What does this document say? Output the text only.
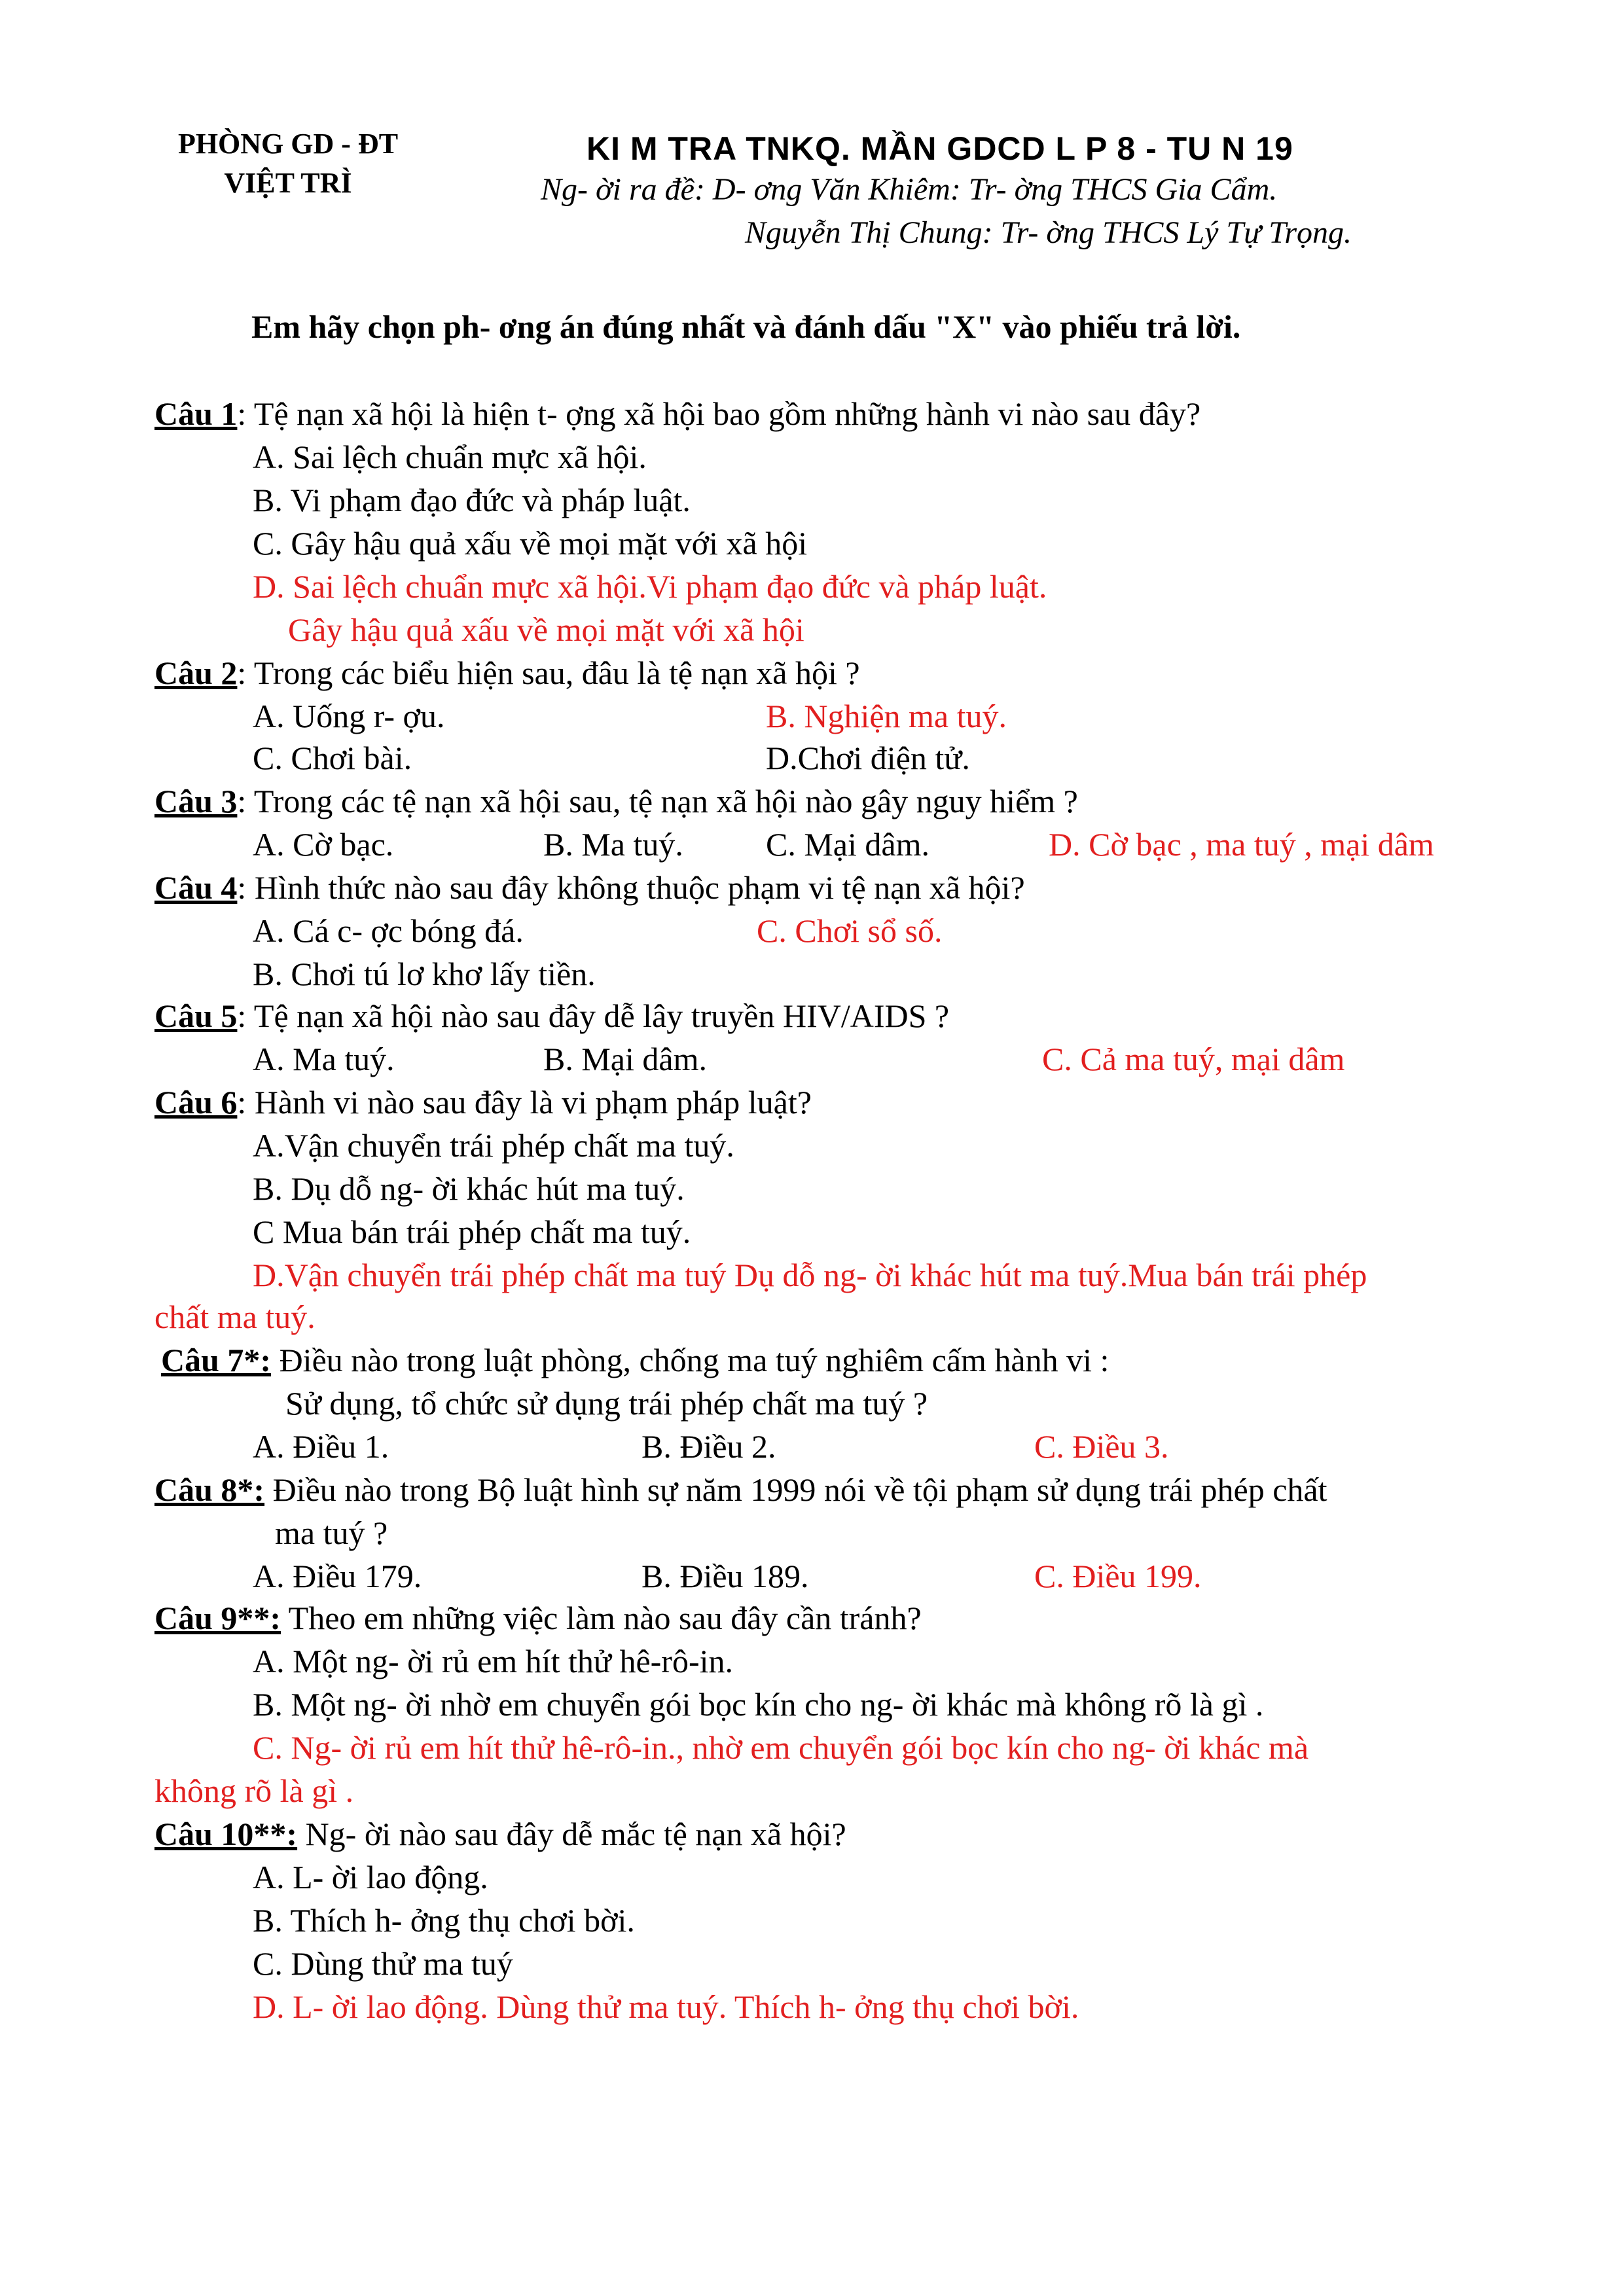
PHÒNG GD - ĐT
VIỆT TRÌ
KI M TRA TNKQ. MẦN GDCD L P 8 - TU N 19
Ng- ời ra đề: D- ơng Văn Khiêm: Tr- ờng THCS Gia Cẩm.
Nguyễn Thị Chung: Tr- ờng THCS Lý Tự Trọng.
Em hãy chọn ph- ơng án đúng nhất và đánh dấu "X" vào phiếu trả lời.
Câu 1: Tệ nạn xã hội là hiện t- ợng xã hội bao gồm những hành vi nào sau đây?
A. Sai lệch chuẩn mực xã hội.
B. Vi phạm đạo đức và pháp luật.
C. Gây hậu quả xấu về mọi mặt với xã hội
D. Sai lệch chuẩn mực xã hội.Vi phạm đạo đức và pháp luật.
Gây hậu quả xấu về mọi mặt với xã hội
Câu 2: Trong các biểu hiện sau, đâu là tệ nạn xã hội ?
A. Uống r- ợu.	B. Nghiện ma tuý.
C. Chơi bài.	D.Chơi điện tử.
Câu 3: Trong các tệ nạn xã hội sau, tệ nạn xã hội nào gây nguy hiểm ?
A. Cờ bạc.	B. Ma tuý.	C. Mại dâm.	D. Cờ bạc , ma tuý , mại dâm
Câu 4: Hình thức nào sau đây không thuộc phạm vi tệ nạn xã hội?
A. Cá c- ợc bóng đá.	C. Chơi sổ số.
B. Chơi tú lơ khơ lấy tiền.
Câu 5: Tệ nạn xã hội nào sau đây dễ lây truyền HIV/AIDS ?
A. Ma tuý.	B. Mại dâm.	C. Cả ma tuý, mại dâm
Câu 6: Hành vi nào sau đây là vi phạm pháp luật?
A.Vận chuyển trái phép chất ma tuý.
B. Dụ dỗ ng- ời khác hút ma tuý.
C Mua bán trái phép chất ma tuý.
D.Vận chuyển trái phép chất ma tuý Dụ dỗ ng- ời khác hút ma tuý.Mua bán trái phép
chất ma tuý.
Câu 7*: Điều nào trong luật phòng, chống ma tuý nghiêm cấm hành vi :
Sử dụng, tổ chức sử dụng trái phép chất ma tuý ?
A. Điều 1.	B. Điều 2.	C. Điều 3.
Câu 8*: Điều nào trong Bộ luật hình sự năm 1999 nói về tội phạm sử dụng trái phép chất
ma tuý ?
A. Điều 179.	B. Điều 189.	C. Điều 199.
Câu 9**: Theo em những việc làm nào sau đây cần tránh?
A. Một ng- ời rủ em hít thử hê-rô-in.
B. Một ng- ời nhờ em chuyển gói bọc kín cho ng- ời khác mà không rõ là gì .
C. Ng- ời rủ em hít thử hê-rô-in., nhờ em chuyển gói bọc kín cho ng- ời khác mà
không rõ là gì .
Câu 10**: Ng- ời nào sau đây dễ mắc tệ nạn xã hội?
A. L- ời lao động.
B. Thích h- ởng thụ chơi bời.
C. Dùng thử ma tuý
D. L- ời lao động. Dùng thử ma tuý. Thích h- ởng thụ chơi bời.
